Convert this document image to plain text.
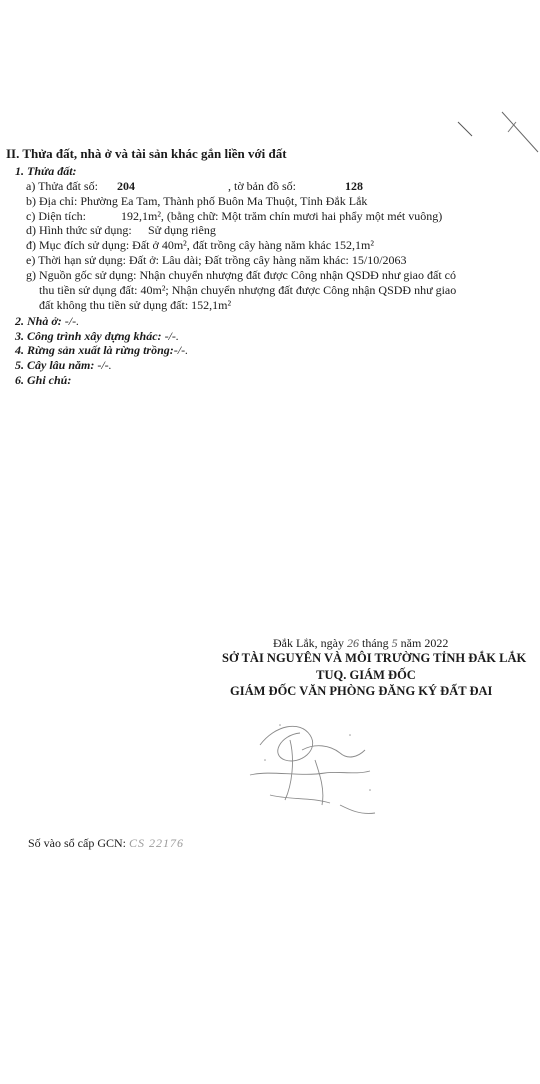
II. Thửa đất, nhà ở và tài sản khác gắn liền với đất
1. Thửa đất:
a) Thửa đất số: 204	, tờ bản đồ số:	128
b) Địa chỉ: Phường Ea Tam, Thành phố Buôn Ma Thuột, Tỉnh Đắk Lắk
c) Diện tích:	192,1m², (bằng chữ: Một trăm chín mươi hai phẩy một mét vuông)
d) Hình thức sử dụng: Sử dụng riêng
đ) Mục đích sử dụng: Đất ở 40m², đất trồng cây hàng năm khác 152,1m²
e) Thời hạn sử dụng: Đất ở: Lâu dài; Đất trồng cây hàng năm khác: 15/10/2063
g) Nguồn gốc sử dụng: Nhận chuyển nhượng đất được Công nhận QSDĐ như giao đất có
thu tiền sử dụng đất: 40m²; Nhận chuyển nhượng đất được Công nhận QSDĐ như giao
đất không thu tiền sử dụng đất: 152,1m²
2. Nhà ở: -/-.
3. Công trình xây dựng khác: -/-.
4. Rừng sản xuất là rừng trồng:-/-.
5. Cây lâu năm: -/-.
6. Ghi chú:
Đắk Lắk, ngày 26 tháng 5 năm 2022
SỞ TÀI NGUYÊN VÀ MÔI TRƯỜNG TỈNH ĐẮK LẮK
TUQ. GIÁM ĐỐC
GIÁM ĐỐC VĂN PHÒNG ĐĂNG KÝ ĐẤT ĐAI
Số vào sổ cấp GCN: CS 22176
